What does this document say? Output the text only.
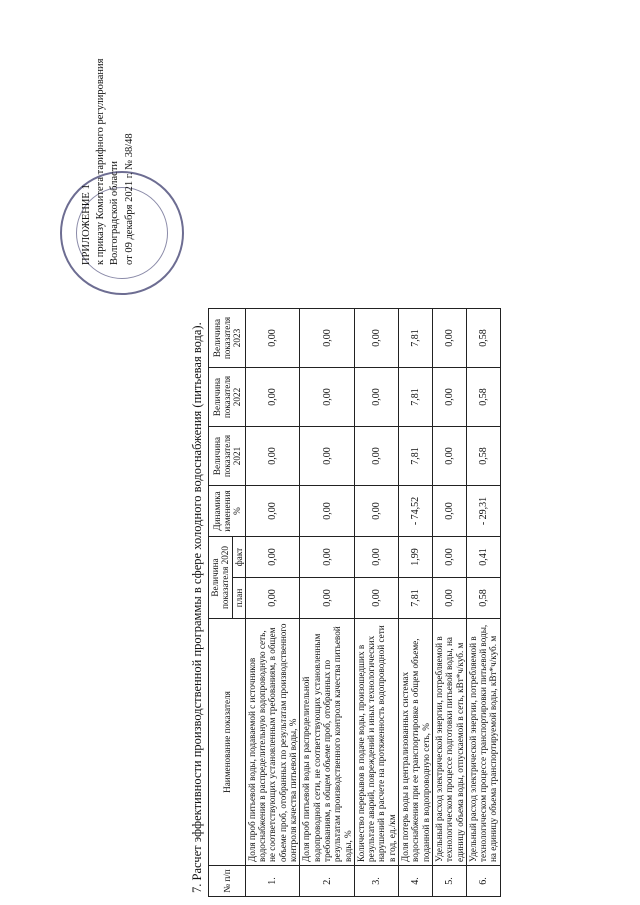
ПРИЛОЖЕНИЕ 1 к приказу Комитета тарифного регулирования Волгоградской области от 09 декабря 2021 г. № 38/48
7. Расчет эффективности производственной программы в сфере холодного водоснабжения (питьевая вода). № п/п	Наименование показателя	Величина показателя 2020		Динамика изменения %	Величина показателя 2021	Величина показателя 2022	Величина показателя 2023
		план	факт				
1.	Доля проб питьевой воды, подаваемой с источников водоснабжения в распределительную водопроводную сеть, не соответствующих установленным требованиям, в общем объеме проб, отобранных по результатам производственного контроля качества питьевой воды, %	0,00	0,00	0,00	0,00	0,00	0,00
2.	Доля проб питьевой воды в распределительной водопроводной сети, не соответствующих установленным требованиям, в общем объеме проб, отобранных по результатам производственного контроля качества питьевой воды, %	0,00	0,00	0,00	0,00	0,00	0,00
3.	Количество перерывов в подаче воды, произошедших в результате аварий, повреждений и иных технологических нарушений в расчете на протяженность водопроводной сети в год, ед./км	0,00	0,00	0,00	0,00	0,00	0,00
4.	Доля потерь воды в централизованных системах водоснабжения при ее транспортировке в общем объеме, поданной в водопроводную сеть, %	7,81	1,99	- 74,52	7,81	7,81	7,81
5.	Удельный расход электрической энергии, потребляемой в технологическом процессе подготовки питьевой воды, на единицу объема воды, отпускаемой в сеть, кВт*ч/куб. м	0,00	0,00	0,00	0,00	0,00	0,00
6.	Удельный расход электрической энергии, потребляемой в технологическом процессе транспортировки питьевой воды, на единицу объема транспортируемой воды, кВт*ч/куб. м	0,58	0,41	- 29,31	0,58	0,58	0,58
